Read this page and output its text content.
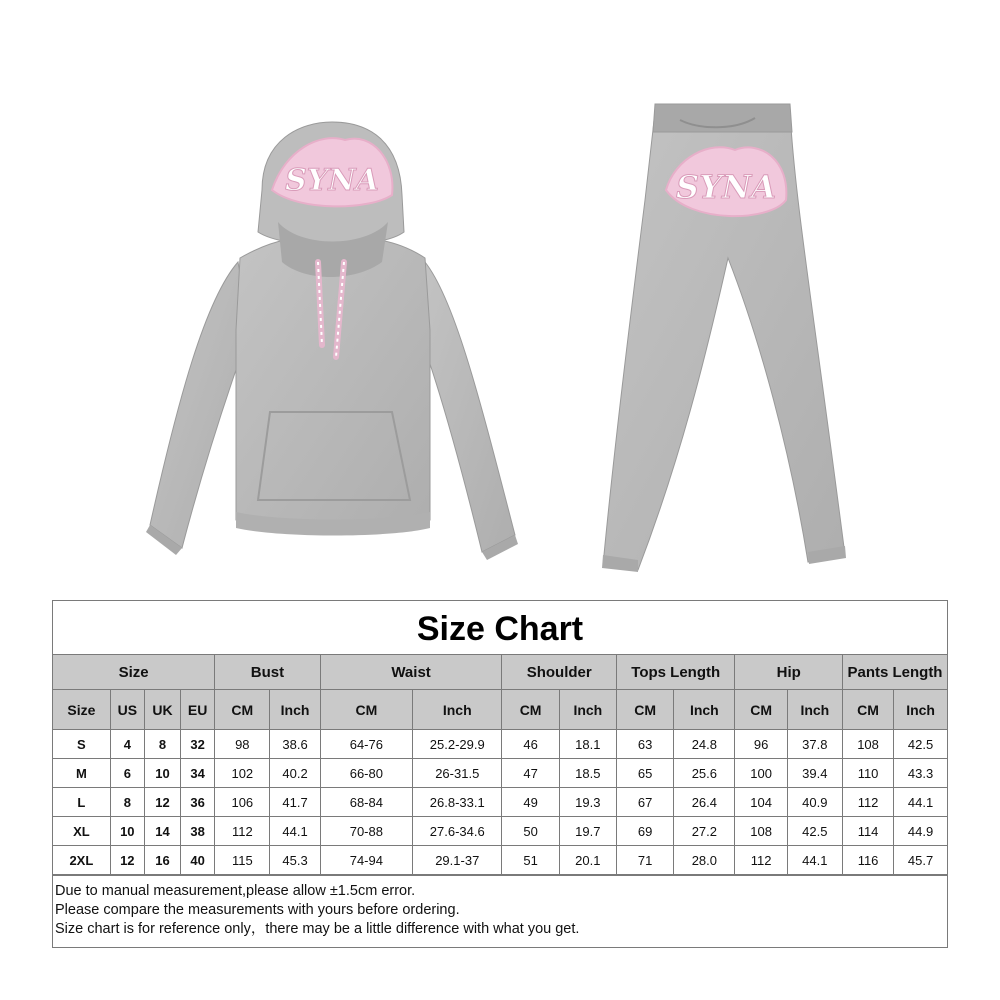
SYNA	SYNA
Size Chart
Size				Bust		Waist		Shoulder		Tops Length		Hip		Pants Length	
Size	US	UK	EU	CM	Inch	CM	Inch	CM	Inch	CM	Inch	CM	Inch	CM	Inch
S	4	8	32	98	38.6	64-76	25.2-29.9	46	18.1	63	24.8	96	37.8	108	42.5
M	6	10	34	102	40.2	66-80	26-31.5	47	18.5	65	25.6	100	39.4	110	43.3
L	8	12	36	106	41.7	68-84	26.8-33.1	49	19.3	67	26.4	104	40.9	112	44.1
XL	10	14	38	112	44.1	70-88	27.6-34.6	50	19.7	69	27.2	108	42.5	114	44.9
2XL	12	16	40	115	45.3	74-94	29.1-37	51	20.1	71	28.0	112	44.1	116	45.7
Due to manual measurement,please allow ±1.5cm error.
Please compare the measurements with yours before ordering.
Size chart is for reference only，there may be a little difference with what you get.
